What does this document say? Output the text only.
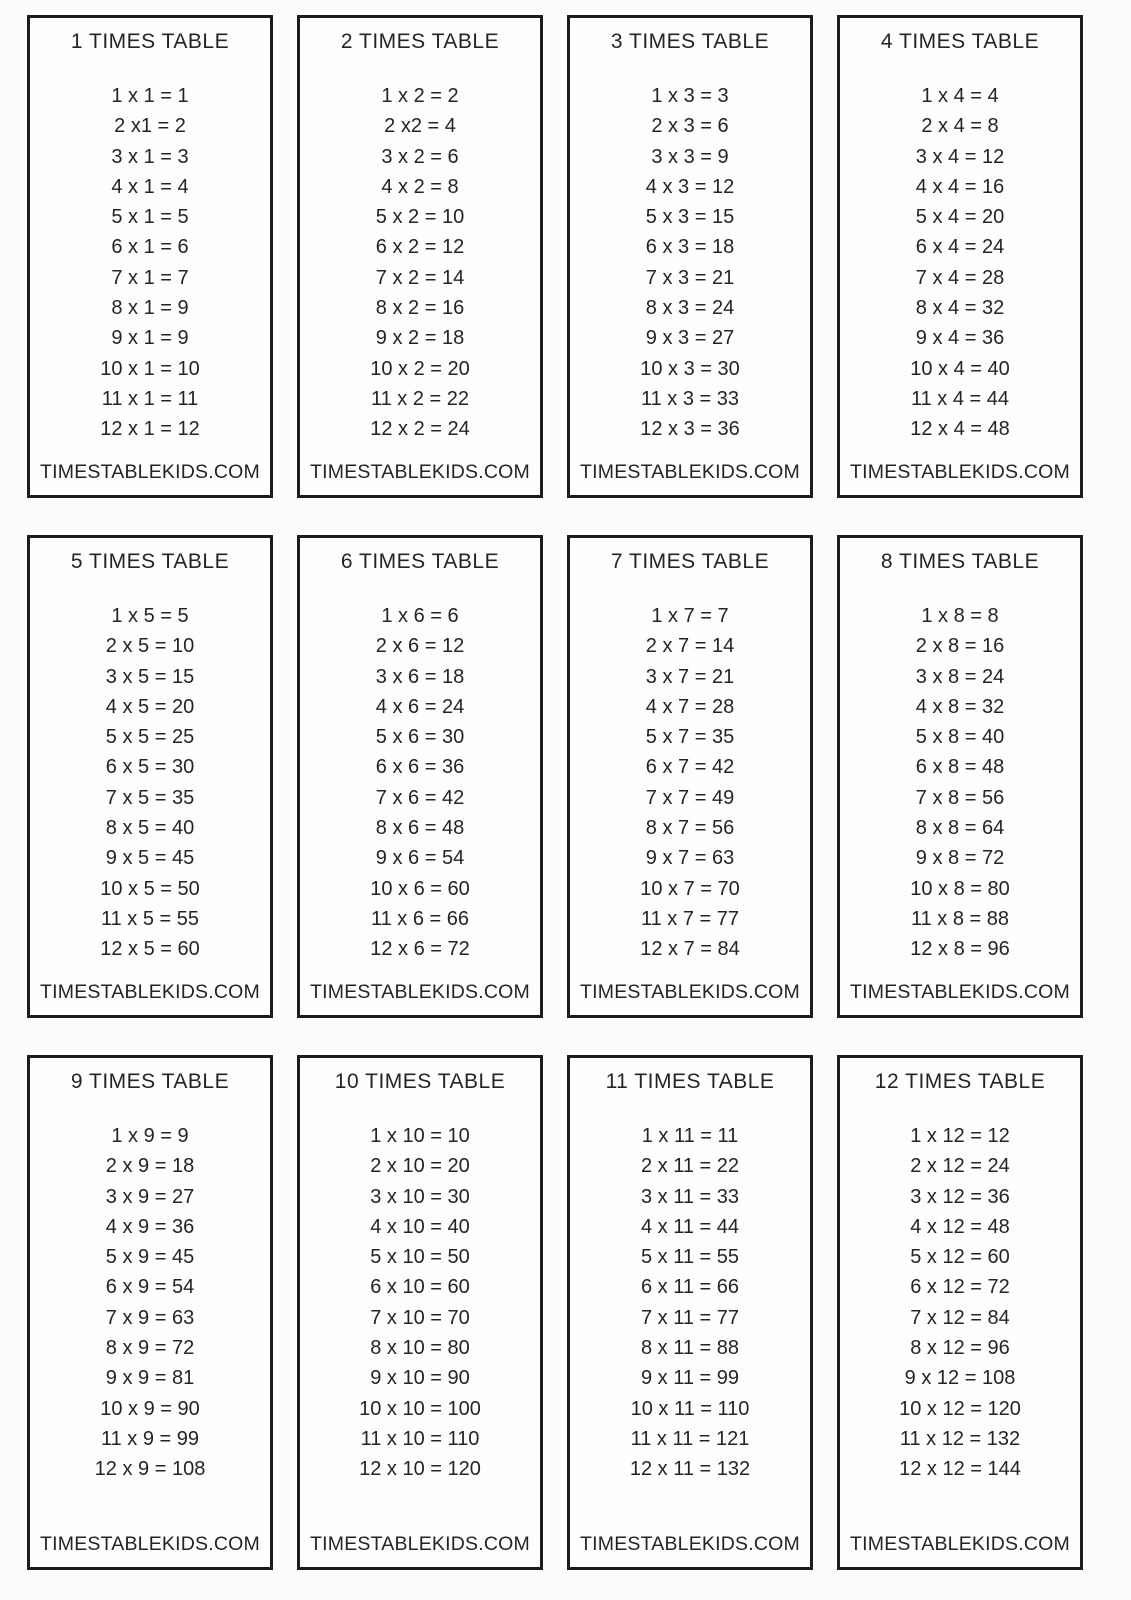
1 TIMES TABLE
1 x 1 = 1
2 x1 = 2
3 x 1 = 3
4 x 1 = 4
5 x 1 = 5
6 x 1 = 6
7 x 1 = 7
8 x 1 = 9
9 x 1 = 9
10 x 1 = 10
11 x 1 = 11
12 x 1 = 12
TIMESTABLEKIDS.COM
2 TIMES TABLE
1 x 2 = 2
2 x2 = 4
3 x 2 = 6
4 x 2 = 8
5 x 2 = 10
6 x 2 = 12
7 x 2 = 14
8 x 2 = 16
9 x 2 = 18
10 x 2 = 20
11 x 2 = 22
12 x 2 = 24
TIMESTABLEKIDS.COM
3 TIMES TABLE
1 x 3 = 3
2 x 3 = 6
3 x 3 = 9
4 x 3 = 12
5 x 3 = 15
6 x 3 = 18
7 x 3 = 21
8 x 3 = 24
9 x 3 = 27
10 x 3 = 30
11 x 3 = 33
12 x 3 = 36
TIMESTABLEKIDS.COM
4 TIMES TABLE
1 x 4 = 4
2 x 4 = 8
3 x 4 = 12
4 x 4 = 16
5 x 4 = 20
6 x 4 = 24
7 x 4 = 28
8 x 4 = 32
9 x 4 = 36
10 x 4 = 40
11 x 4 = 44
12 x 4 = 48
TIMESTABLEKIDS.COM
5 TIMES TABLE
1 x 5 = 5
2 x 5 = 10
3 x 5 = 15
4 x 5 = 20
5 x 5 = 25
6 x 5 = 30
7 x 5 = 35
8 x 5 = 40
9 x 5 = 45
10 x 5 = 50
11 x 5 = 55
12 x 5 = 60
TIMESTABLEKIDS.COM
6 TIMES TABLE
1 x 6 = 6
2 x 6 = 12
3 x 6 = 18
4 x 6 = 24
5 x 6 = 30
6 x 6 = 36
7 x 6 = 42
8 x 6 = 48
9 x 6 = 54
10 x 6 = 60
11 x 6 = 66
12 x 6 = 72
TIMESTABLEKIDS.COM
7 TIMES TABLE
1 x 7 = 7
2 x 7 = 14
3 x 7 = 21
4 x 7 = 28
5 x 7 = 35
6 x 7 = 42
7 x 7 = 49
8 x 7 = 56
9 x 7 = 63
10 x 7 = 70
11 x 7 = 77
12 x 7 = 84
TIMESTABLEKIDS.COM
8 TIMES TABLE
1 x 8 = 8
2 x 8 = 16
3 x 8 = 24
4 x 8 = 32
5 x 8 = 40
6 x 8 = 48
7 x 8 = 56
8 x 8 = 64
9 x 8 = 72
10 x 8 = 80
11 x 8 = 88
12 x 8 = 96
TIMESTABLEKIDS.COM
9 TIMES TABLE
1 x 9 = 9
2 x 9 = 18
3 x 9 = 27
4 x 9 = 36
5 x 9 = 45
6 x 9 = 54
7 x 9 = 63
8 x 9 = 72
9 x 9 = 81
10 x 9 = 90
11 x 9 = 99
12 x 9 = 108
TIMESTABLEKIDS.COM
10 TIMES TABLE
1 x 10 = 10
2 x 10 = 20
3 x 10 = 30
4 x 10 = 40
5 x 10 = 50
6 x 10 = 60
7 x 10 = 70
8 x 10 = 80
9 x 10 = 90
10 x 10 = 100
11 x 10 = 110
12 x 10 = 120
TIMESTABLEKIDS.COM
11 TIMES TABLE
1 x 11 = 11
2 x 11 = 22
3 x 11 = 33
4 x 11 = 44
5 x 11 = 55
6 x 11 = 66
7 x 11 = 77
8 x 11 = 88
9 x 11 = 99
10 x 11 = 110
11 x 11 = 121
12 x 11 = 132
TIMESTABLEKIDS.COM
12 TIMES TABLE
1 x 12 = 12
2 x 12 = 24
3 x 12 = 36
4 x 12 = 48
5 x 12 = 60
6 x 12 = 72
7 x 12 = 84
8 x 12 = 96
9 x 12 = 108
10 x 12 = 120
11 x 12 = 132
12 x 12 = 144
TIMESTABLEKIDS.COM
